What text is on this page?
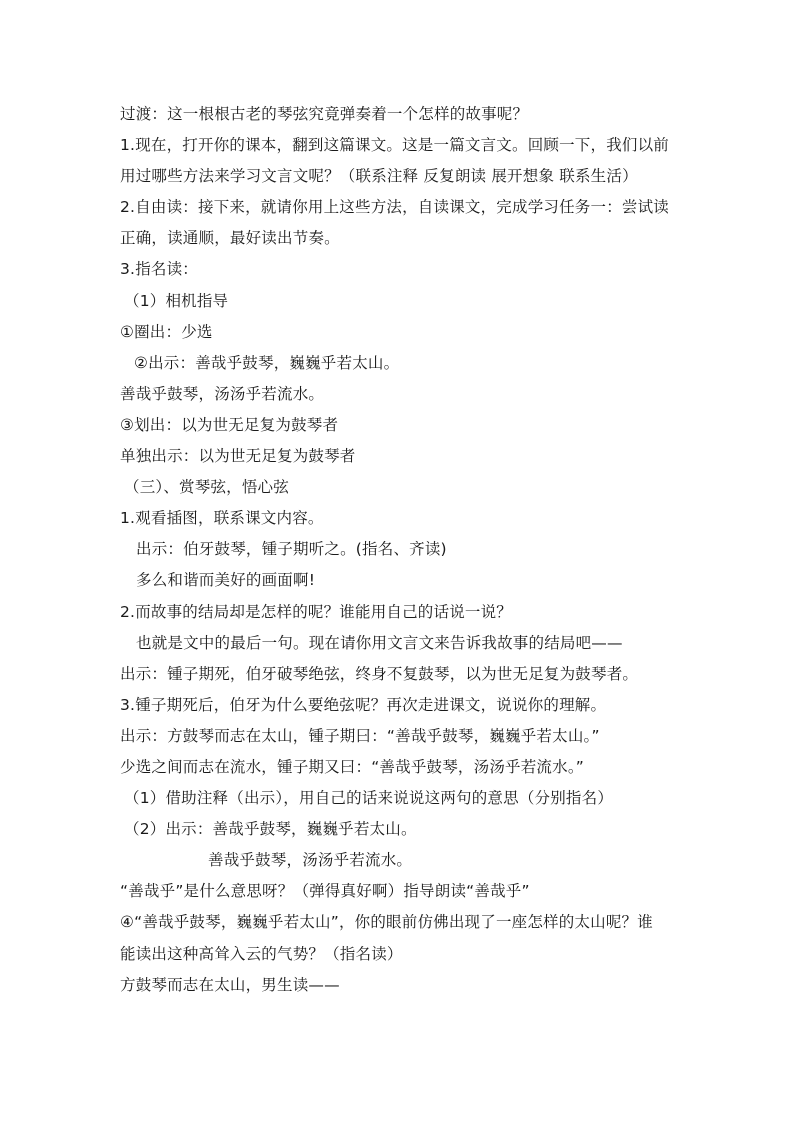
过渡：这一根根古老的琴弦究竟弹奏着一个怎样的故事呢？
1.现在，打开你的课本，翻到这篇课文。这是一篇文言文。回顾一下，我们以前
用过哪些方法来学习文言文呢？（联系注释 反复朗读 展开想象 联系生活）
2.自由读：接下来，就请你用上这些方法，自读课文，完成学习任务一：尝试读
正确，读通顺，最好读出节奏。
3.指名读：
（1）相机指导
①圈出：少选
②出示：善哉乎鼓琴，巍巍乎若太山。
善哉乎鼓琴，汤汤乎若流水。
③划出：以为世无足复为鼓琴者
单独出示：以为世无足复为鼓琴者
（三）、赏琴弦，悟心弦
1.观看插图，联系课文内容。
出示：伯牙鼓琴，锺子期听之。(指名、齐读)
多么和谐而美好的画面啊!
2.而故事的结局却是怎样的呢？谁能用自己的话说一说？
也就是文中的最后一句。现在请你用文言文来告诉我故事的结局吧——
出示：锺子期死，伯牙破琴绝弦，终身不复鼓琴，以为世无足复为鼓琴者。
3.锺子期死后，伯牙为什么要绝弦呢？再次走进课文，说说你的理解。
出示：方鼓琴而志在太山，锺子期曰：“善哉乎鼓琴，巍巍乎若太山。”
少选之间而志在流水，锺子期又曰：“善哉乎鼓琴，汤汤乎若流水。”
（1）借助注释（出示），用自己的话来说说这两句的意思（分别指名）
（2）出示：善哉乎鼓琴，巍巍乎若太山。
善哉乎鼓琴，汤汤乎若流水。
“善哉乎”是什么意思呀？（弹得真好啊）指导朗读“善哉乎”
④“善哉乎鼓琴，巍巍乎若太山”，你的眼前仿佛出现了一座怎样的太山呢？谁
能读出这种高耸入云的气势？（指名读）
方鼓琴而志在太山，男生读——
